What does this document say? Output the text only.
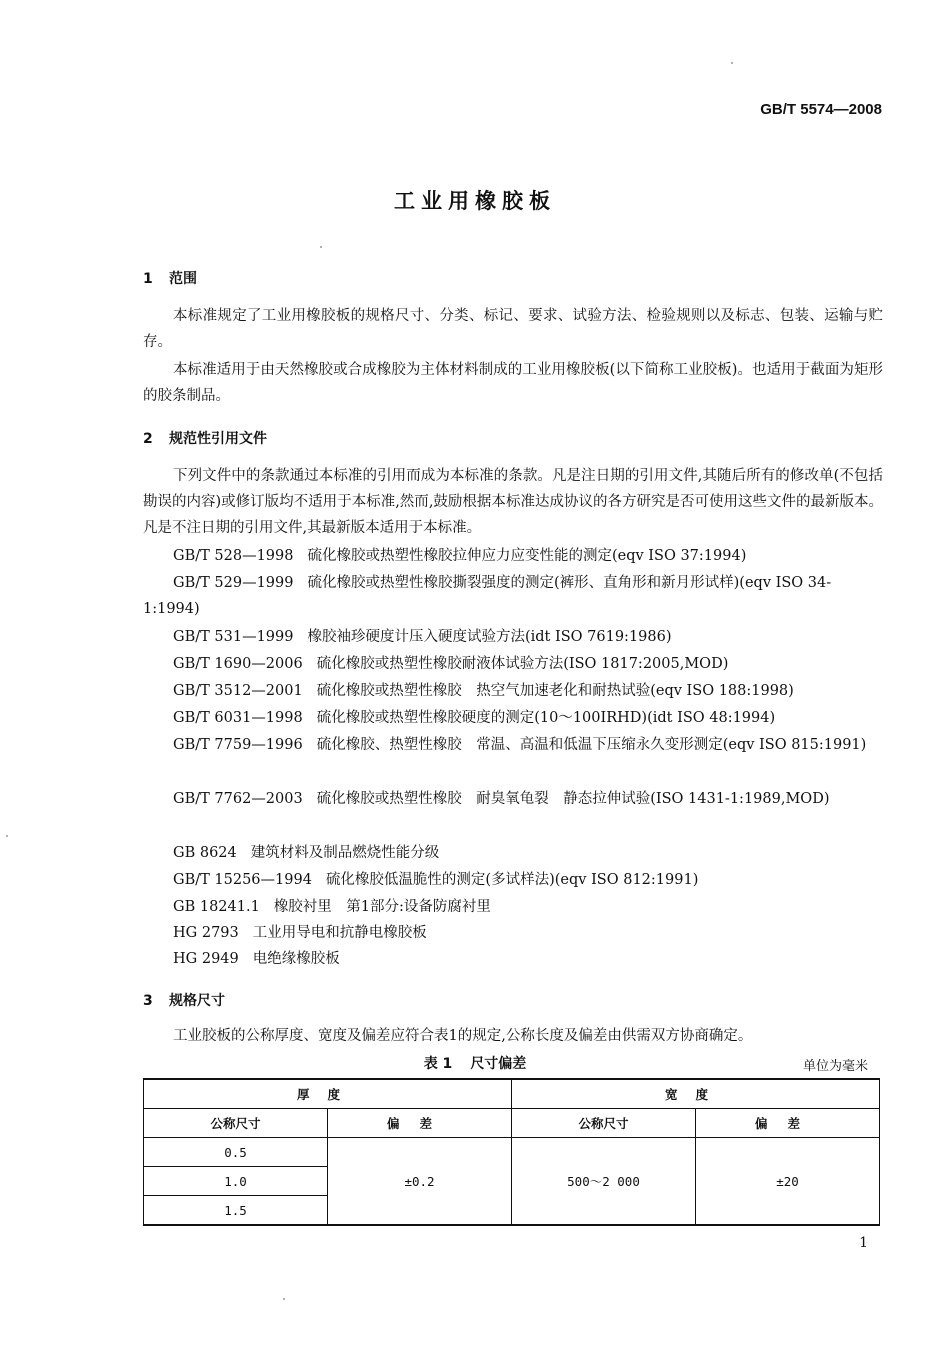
GB/T 5574—2008
工业用橡胶板
1 范围

本标准规定了工业用橡胶板的规格尺寸、分类、标记、要求、试验方法、检验规则以及标志、包装、运输与贮存。

本标准适用于由天然橡胶或合成橡胶为主体材料制成的工业用橡胶板(以下简称工业胶板)。也适用于截面为矩形的胶条制品。

2 规范性引用文件

下列文件中的条款通过本标准的引用而成为本标准的条款。凡是注日期的引用文件,其随后所有的修改单(不包括勘误的内容)或修订版均不适用于本标准,然而,鼓励根据本标准达成协议的各方研究是否可使用这些文件的最新版本。凡是不注日期的引用文件,其最新版本适用于本标准。

GB/T 528—1998 硫化橡胶或热塑性橡胶拉伸应力应变性能的测定(eqv ISO 37:1994)

GB/T 529—1999 硫化橡胶或热塑性橡胶撕裂强度的测定(裤形、直角形和新月形试样)(eqv ISO 34-1:1994)

GB/T 531—1999 橡胶袖珍硬度计压入硬度试验方法(idt ISO 7619:1986)

GB/T 1690—2006 硫化橡胶或热塑性橡胶耐液体试验方法(ISO 1817:2005,MOD)

GB/T 3512—2001 硫化橡胶或热塑性橡胶　热空气加速老化和耐热试验(eqv ISO 188:1998)

GB/T 6031—1998 硫化橡胶或热塑性橡胶硬度的测定(10～100IRHD)(idt ISO 48:1994)

GB/T 7759—1996 硫化橡胶、热塑性橡胶　常温、高温和低温下压缩永久变形测定(eqv ISO 815:1991)

GB/T 7762—2003 硫化橡胶或热塑性橡胶　耐臭氧龟裂　静态拉伸试验(ISO 1431-1:1989,MOD)

GB 8624 建筑材料及制品燃烧性能分级

GB/T 15256—1994 硫化橡胶低温脆性的测定(多试样法)(eqv ISO 812:1991)

GB 18241.1 橡胶衬里　第1部分:设备防腐衬里

HG 2793 工业用导电和抗静电橡胶板

HG 2949 电绝缘橡胶板

3 规格尺寸

工业胶板的公称厚度、宽度及偏差应符合表1的规定,公称长度及偏差由供需双方协商确定。

表 1 尺寸偏差	单位为毫米
厚度		宽度	
公称尺寸	偏差	公称尺寸	偏差
0.5	±0.2	500～2 000	±20
1.0			
1.5			
1
